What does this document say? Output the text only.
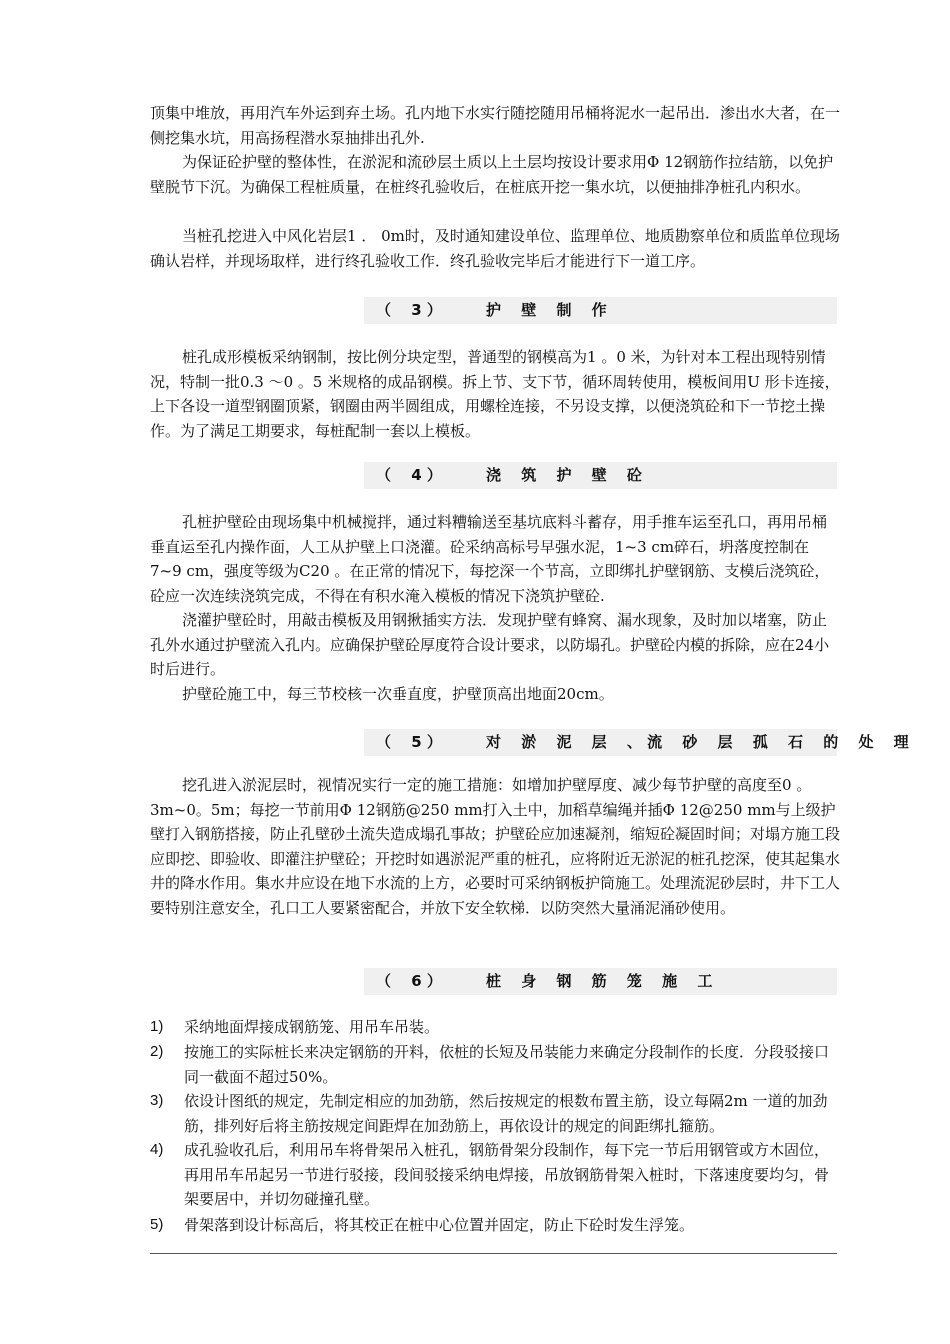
顶集中堆放，再用汽车外运到弃土场。孔内地下水实行随挖随用吊桶将泥水一起吊出．渗出水大者，在一侧挖集水坑，用高扬程潜水泵抽排出孔外.

为保证砼护壁的整体性，在淤泥和流砂层土质以上土层均按设计要求用Φ 12钢筋作拉结筋，以免护壁脱节下沉。为确保工程桩质量，在桩终孔验收后，在桩底开挖一集水坑，以便抽排净桩孔内积水。

当桩孔挖进入中风化岩层1 ． 0m时，及时通知建设单位、监理单位、地质勘察单位和质监单位现场确认岩样，并现场取样，进行终孔验收工作．终孔验收完毕后才能进行下一道工序。

（　 3 ）

	护　 壁　 制　 作

桩孔成形模板采纳钢制，按比例分块定型，普通型的钢模高为1 。0 米，为针对本工程出现特别情况，特制一批0.3 ～0 。5 米规格的成品钢模。拆上节、支下节，循环周转使用，模板间用U 形卡连接，上下各设一道型钢圈顶紧，钢圈由两半圆组成，用螺栓连接，不另设支撑，以便浇筑砼和下一节挖土操作。为了满足工期要求，每桩配制一套以上模板。

（　 4 ）

	浇　 筑　 护　 壁　 砼

孔桩护壁砼由现场集中机械搅拌，通过料糟输送至基坑底料斗蓄存，用手推车运至孔口，再用吊桶垂直运至孔内操作面，人工从护壁上口浇灌。砼采纳高标号早强水泥，1~3 cm碎石，坍落度控制在7~9 cm，强度等级为C20 。在正常的情况下，每挖深一个节高，立即绑扎护壁钢筋、支模后浇筑砼，砼应一次连续浇筑完成，不得在有积水淹入模板的情况下浇筑护壁砼.

浇灌护壁砼时，用敲击模板及用钢揪插实方法．发现护壁有蜂窝、漏水现象，及时加以堵塞，防止孔外水通过护壁流入孔内。应确保护壁砼厚度符合设计要求，以防塌孔。护壁砼内模的拆除，应在24小时后进行。

护壁砼施工中，每三节校核一次垂直度，护壁顶高出地面20cm。

（　 5 ）

	对　 淤　 泥　 层　 、 流　 砂　 层　 孤　 石　 的　 处　 理

挖孔进入淤泥层时，视情况实行一定的施工措施：如增加护壁厚度、减少每节护壁的高度至0 。3m~0。5m；每挖一节前用Φ 12钢筋@250 mm打入土中，加稻草编绳并插Φ 12@250 mm与上级护壁打入钢筋搭接，防止孔壁砂土流失造成塌孔事故；护壁砼应加速凝剂，缩短砼凝固时间；对塌方施工段应即挖、即验收、即灌注护壁砼；开挖时如遇淤泥严重的桩孔，应将附近无淤泥的桩孔挖深，使其起集水井的降水作用。集水井应设在地下水流的上方，必要时可采纳钢板护筒施工。处理流泥砂层时，井下工人要特别注意安全，孔口工人要紧密配合，并放下安全软梯．以防突然大量涌泥涌砂使用。

（　 6 ）

	桩　 身　 钢　 筋　 笼　 施　 工

1) 采纳地面焊接成钢筋笼、用吊车吊装。
2) 按施工的实际桩长来决定钢筋的开料，依桩的长短及吊装能力来确定分段制作的长度．分段驳接口同一截面不超过50%。
3) 依设计图纸的规定，先制定相应的加劲筋，然后按规定的根数布置主筋，设立每隔2m 一道的加劲筋，排列好后将主筋按规定间距焊在加劲筋上，再依设计的规定的间距绑扎箍筋。
4) 成孔验收孔后，利用吊车将骨架吊入桩孔，钢筋骨架分段制作，每下完一节后用钢管或方木固位，再用吊车吊起另一节进行驳接，段间驳接采纳电焊接，吊放钢筋骨架入桩时，下落速度要均匀，骨架要居中，并切勿碰撞孔壁。
5) 骨架落到设计标高后，将其校正在桩中心位置并固定，防止下砼时发生浮笼。
